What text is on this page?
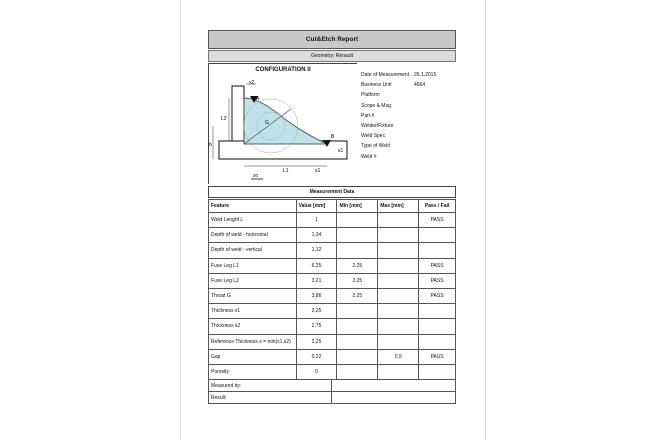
Cut&Etch Report
Geometry: Renault
CONFIGURATION II
s2
L2
G
A
b
L1	s1
B
s1
20
Date of Measurement 26.1.2015
Business Unit	4664
Platform
Scope & Mag.
Part #
Welder/Fixture
Weld Spec
Type of Weld
Weld #
Measurement Data
Feature	Value [mm]	Min [mm]	Max [mm]	Pass / Fail
Weld Lenght L	1			PASS
Depth of weld - horizontal	1,34			
Depth of weld - vertical	1,12			
Fuse Leg L1	6,25	2,25		PASS
Fuse Leg L2	3,21	2,25		PASS
Throat G	3,86	2,25		PASS
Thickness s1	2,25			
Thickness s2	2,75			
Reference Thickness s = min(s1,s2)	2,25			
Gap	0,22		0,9	PASS
Porosity	0			
Measured by:	
Result:	
